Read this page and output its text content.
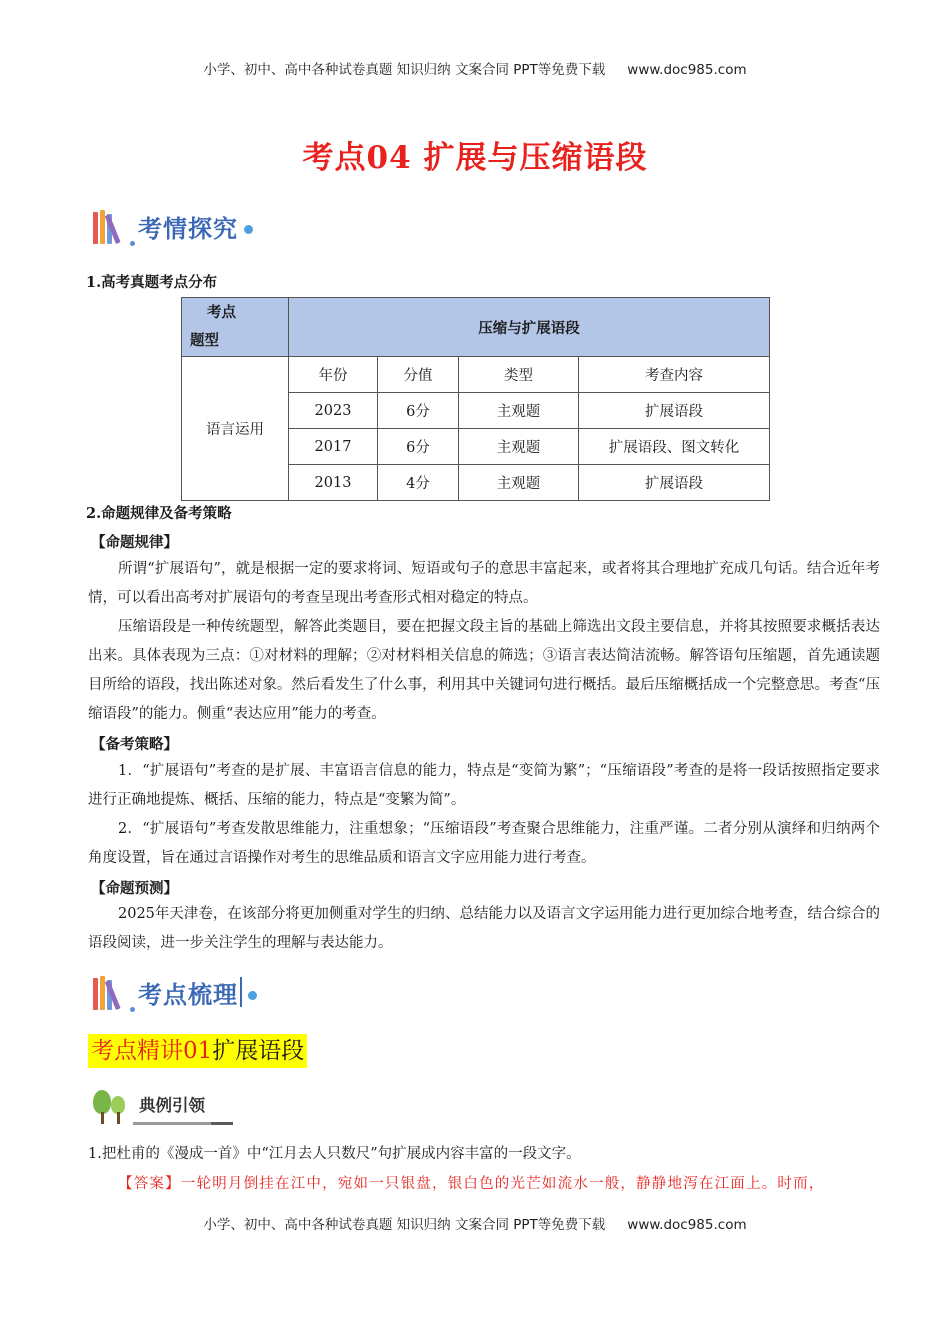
小学、初中、高中各种试卷真题 知识归纳 文案合同 PPT等免费下载 www.doc985.com
考点04 扩展与压缩语段
考情探究
1.高考真题考点分布
考点
题型	压缩与扩展语段			
语言运用	年份	分值	类型	考查内容
	2023	6分	主观题	扩展语段
	2017	6分	主观题	扩展语段、图文转化
	2013	4分	主观题	扩展语段
2.命题规律及备考策略
【命题规律】

所谓“扩展语句”，就是根据一定的要求将词、短语或句子的意思丰富起来，或者将其合理地扩充成几句话。结合近年考情，可以看出高考对扩展语句的考查呈现出考查形式相对稳定的特点。

压缩语段是一种传统题型，解答此类题目，要在把握文段主旨的基础上筛选出文段主要信息，并将其按照要求概括表达出来。具体表现为三点：①对材料的理解；②对材料相关信息的筛选；③语言表达简洁流畅。解答语句压缩题，首先通读题目所给的语段，找出陈述对象。然后看发生了什么事，利用其中关键词句进行概括。最后压缩概括成一个完整意思。考查“压缩语段”的能力。侧重“表达应用”能力的考查。

【备考策略】

1．“扩展语句”考查的是扩展、丰富语言信息的能力，特点是“变简为繁”；“压缩语段”考查的是将一段话按照指定要求进行正确地提炼、概括、压缩的能力，特点是“变繁为简”。

2．“扩展语句”考查发散思维能力，注重想象；“压缩语段”考查聚合思维能力，注重严谨。二者分别从演绎和归纳两个角度设置，旨在通过言语操作对考生的思维品质和语言文字应用能力进行考查。

【命题预测】

2025年天津卷，在该部分将更加侧重对学生的归纳、总结能力以及语言文字运用能力进行更加综合地考查，结合综合的语段阅读，进一步关注学生的理解与表达能力。

考点梳理
考点精讲01扩展语段
典例引领
1.把杜甫的《漫成一首》中“江月去人只数尺”句扩展成内容丰富的一段文字。
【答案】一轮明月倒挂在江中，宛如一只银盘，银白色的光芒如流水一般，静静地泻在江面上。时而，
小学、初中、高中各种试卷真题 知识归纳 文案合同 PPT等免费下载 www.doc985.com
